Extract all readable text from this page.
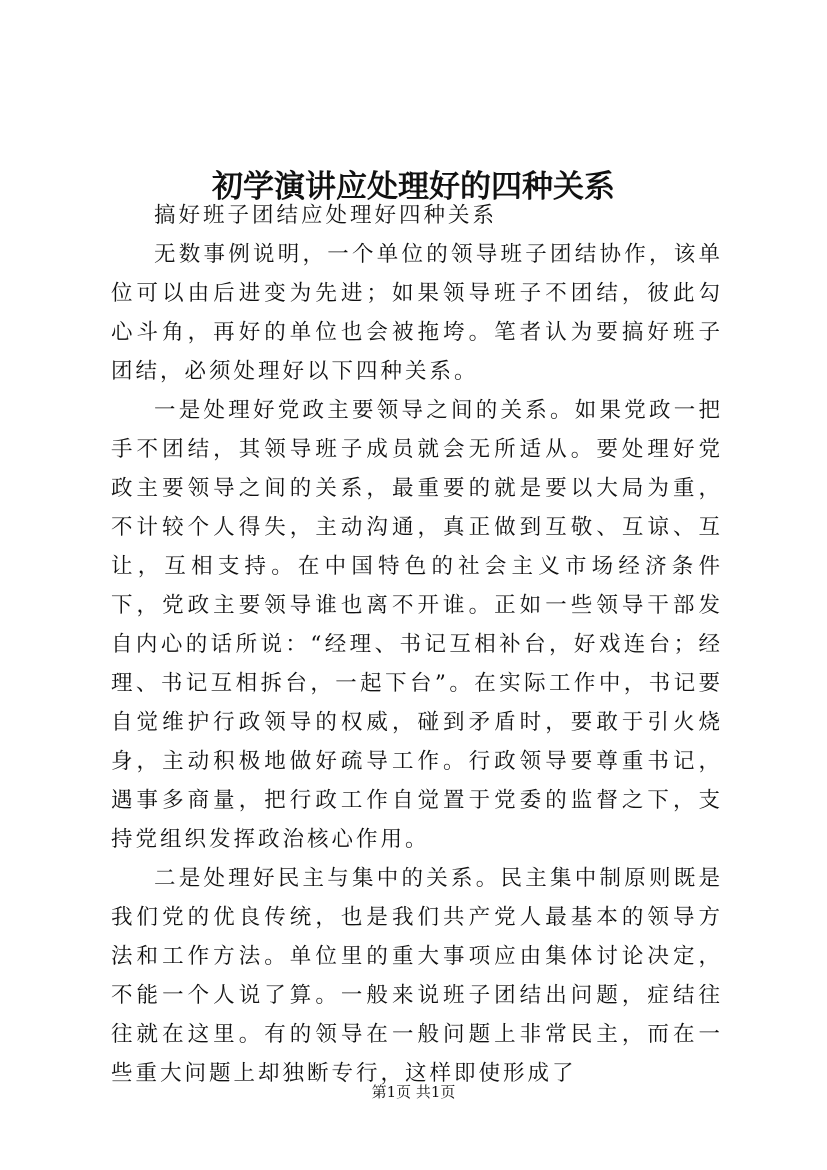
初学演讲应处理好的四种关系

搞好班子团结应处理好四种关系

无数事例说明，一个单位的领导班子团结协作，该单位可以由后进变为先进；如果领导班子不团结，彼此勾心斗角，再好的单位也会被拖垮。笔者认为要搞好班子团结，必须处理好以下四种关系。

一是处理好党政主要领导之间的关系。如果党政一把手不团结，其领导班子成员就会无所适从。要处理好党政主要领导之间的关系，最重要的就是要以大局为重，不计较个人得失，主动沟通，真正做到互敬、互谅、互让，互相支持。在中国特色的社会主义市场经济条件下，党政主要领导谁也离不开谁。正如一些领导干部发自内心的话所说：“经理、书记互相补台，好戏连台；经理、书记互相拆台，一起下台”。在实际工作中，书记要自觉维护行政领导的权威，碰到矛盾时，要敢于引火烧身，主动积极地做好疏导工作。行政领导要尊重书记，遇事多商量，把行政工作自觉置于党委的监督之下，支持党组织发挥政治核心作用。

二是处理好民主与集中的关系。民主集中制原则既是我们党的优良传统，也是我们共产党人最基本的领导方法和工作方法。单位里的重大事项应由集体讨论决定，不能一个人说了算。一般来说班子团结出问题，症结往往就在这里。有的领导在一般问题上非常民主，而在一些重大问题上却独断专行，这样即使形成了

第1页 共1页
